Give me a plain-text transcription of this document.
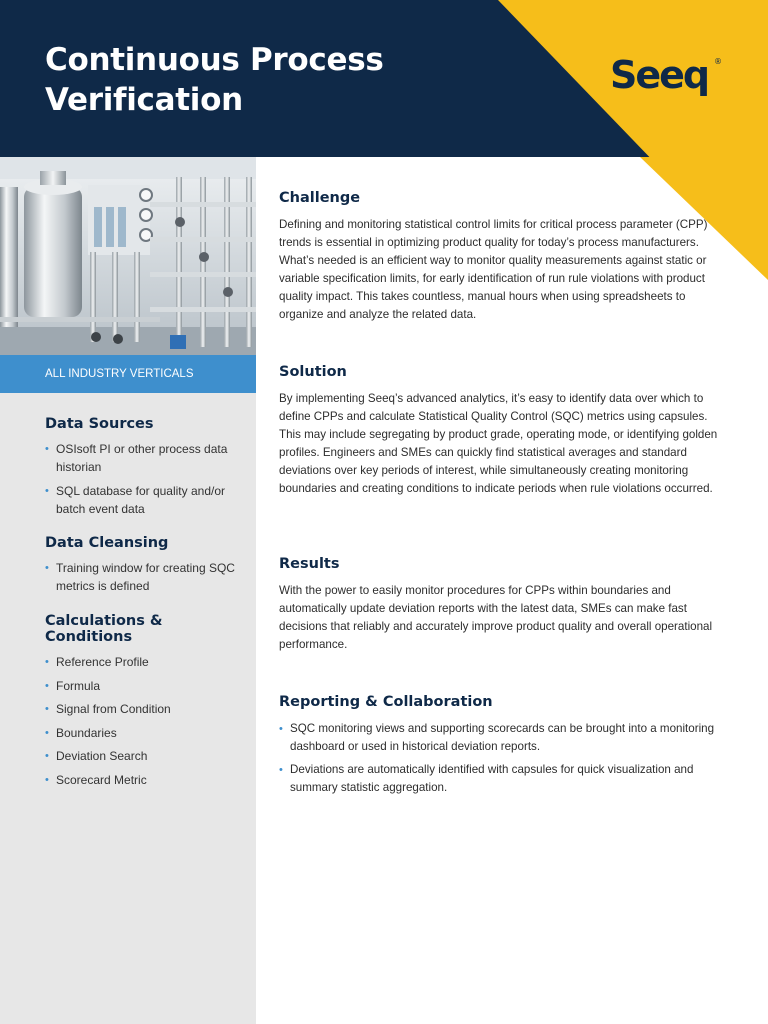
Continuous Process
Verification
Seeq ®
ALL INDUSTRY VERTICALS
Data Sources
• OSIsoft PI or other process data historian
• SQL database for quality and/or batch event data
Data Cleansing
• Training window for creating SQC metrics is defined
Calculations & Conditions
• Reference Profile
• Formula
• Signal from Condition
• Boundaries
• Deviation Search
• Scorecard Metric
Challenge

Defining and monitoring statistical control limits for critical process parameter (CPP) trends is essential in optimizing product quality for today’s process manufacturers. What’s needed is an efficient way to monitor quality measurements against static or variable specification limits, for early identification of run rule violations with product quality impact. This takes countless, manual hours when using spreadsheets to organize and analyze the related data.

Solution

By implementing Seeq’s advanced analytics, it’s easy to identify data over which to define CPPs and calculate Statistical Quality Control (SQC) metrics using capsules. This may include segregating by product grade, operating mode, or identifying golden profiles. Engineers and SMEs can quickly find statistical averages and standard deviations over key periods of interest, while simultaneously creating monitoring boundaries and creating conditions to indicate periods when rule violations occurred.

Results

With the power to easily monitor procedures for CPPs within boundaries and automatically update deviation reports with the latest data, SMEs can make fast decisions that reliably and accurately improve product quality and overall operational performance.

Reporting & Collaboration
• SQC monitoring views and supporting scorecards can be brought into a monitoring dashboard or used in historical deviation reports.
• Deviations are automatically identified with capsules for quick visualization and summary statistic aggregation.
